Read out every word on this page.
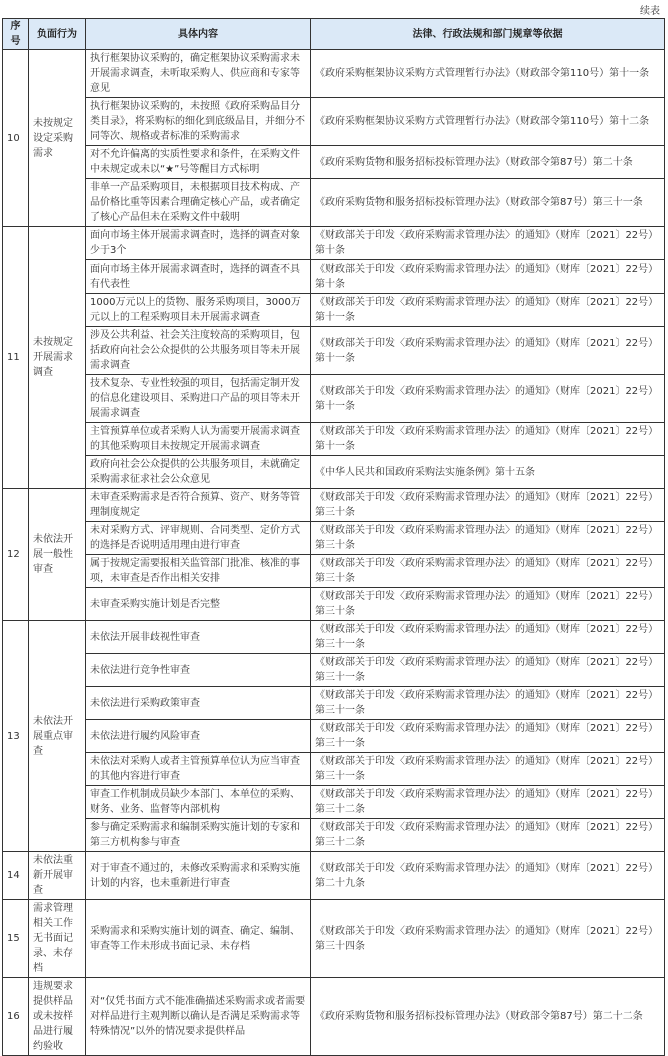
续表
序号	负面行为	具体内容	法律、行政法规和部门规章等依据
10	未按规定设定采购需求	执行框架协议采购的，确定框架协议采购需求未开展需求调查，未听取采购人、供应商和专家等意见	《政府采购框架协议采购方式管理暂行办法》（财政部令第110号）第十一条
		执行框架协议采购的，未按照《政府采购品目分类目录》，将采购标的细化到底级品目，并细分不同等次、规格或者标准的采购需求	《政府采购框架协议采购方式管理暂行办法》（财政部令第110号）第十二条
		对不允许偏离的实质性要求和条件，在采购文件中未规定或未以“★”号等醒目方式标明	《政府采购货物和服务招标投标管理办法》（财政部令第87号）第二十条
		非单一产品采购项目，未根据项目技术构成、产品价格比重等因素合理确定核心产品，或者确定了核心产品但未在采购文件中载明	《政府采购货物和服务招标投标管理办法》（财政部令第87号）第三十一条
11	未按规定开展需求调查	面向市场主体开展需求调查时，选择的调查对象少于3个	《财政部关于印发〈政府采购需求管理办法〉的通知》（财库〔2021〕22号）第十条
		面向市场主体开展需求调查时，选择的调查不具有代表性	《财政部关于印发〈政府采购需求管理办法〉的通知》（财库〔2021〕22号）第十条
		1000万元以上的货物、服务采购项目，3000万元以上的工程采购项目未开展需求调查	《财政部关于印发〈政府采购需求管理办法〉的通知》（财库〔2021〕22号）第十一条
		涉及公共利益、社会关注度较高的采购项目，包括政府向社会公众提供的公共服务项目等未开展需求调查	《财政部关于印发〈政府采购需求管理办法〉的通知》（财库〔2021〕22号）第十一条
		技术复杂、专业性较强的项目，包括需定制开发的信息化建设项目、采购进口产品的项目等未开展需求调查	《财政部关于印发〈政府采购需求管理办法〉的通知》（财库〔2021〕22号）第十一条
		主管预算单位或者采购人认为需要开展需求调查的其他采购项目未按规定开展需求调查	《财政部关于印发〈政府采购需求管理办法〉的通知》（财库〔2021〕22号）第十一条
		政府向社会公众提供的公共服务项目，未就确定采购需求征求社会公众意见	《中华人民共和国政府采购法实施条例》第十五条
12	未依法开展一般性审查	未审查采购需求是否符合预算、资产、财务等管理制度规定	《财政部关于印发〈政府采购需求管理办法〉的通知》（财库〔2021〕22号）第三十条
		未对采购方式、评审规则、合同类型、定价方式的选择是否说明适用理由进行审查	《财政部关于印发〈政府采购需求管理办法〉的通知》（财库〔2021〕22号）第三十条
		属于按规定需要报相关监管部门批准、核准的事项，未审查是否作出相关安排	《财政部关于印发〈政府采购需求管理办法〉的通知》（财库〔2021〕22号）第三十条
		未审查采购实施计划是否完整	《财政部关于印发〈政府采购需求管理办法〉的通知》（财库〔2021〕22号）第三十条
13	未依法开展重点审查	未依法开展非歧视性审查	《财政部关于印发〈政府采购需求管理办法〉的通知》（财库〔2021〕22号）第三十一条
		未依法进行竞争性审查	《财政部关于印发〈政府采购需求管理办法〉的通知》（财库〔2021〕22号）第三十一条
		未依法进行采购政策审查	《财政部关于印发〈政府采购需求管理办法〉的通知》（财库〔2021〕22号）第三十一条
		未依法进行履约风险审查	《财政部关于印发〈政府采购需求管理办法〉的通知》（财库〔2021〕22号）第三十一条
		未依法对采购人或者主管预算单位认为应当审查的其他内容进行审查	《财政部关于印发〈政府采购需求管理办法〉的通知》（财库〔2021〕22号）第三十一条
		审查工作机制成员缺少本部门、本单位的采购、财务、业务、监督等内部机构	《财政部关于印发〈政府采购需求管理办法〉的通知》（财库〔2021〕22号）第三十二条
		参与确定采购需求和编制采购实施计划的专家和第三方机构参与审查	《财政部关于印发〈政府采购需求管理办法〉的通知》（财库〔2021〕22号）第三十二条
14	未依法重新开展审查	对于审查不通过的，未修改采购需求和采购实施计划的内容，也未重新进行审查	《财政部关于印发〈政府采购需求管理办法〉的通知》（财库〔2021〕22号）第二十九条
15	需求管理相关工作无书面记录、未存档	采购需求和采购实施计划的调查、确定、编制、审查等工作未形成书面记录、未存档	《财政部关于印发〈政府采购需求管理办法〉的通知》（财库〔2021〕22号）第三十四条
16	违规要求提供样品或未按样品进行履约验收	对“仅凭书面方式不能准确描述采购需求或者需要对样品进行主观判断以确认是否满足采购需求等特殊情况”以外的情况要求提供样品	《政府采购货物和服务招标投标管理办法》（财政部令第87号）第二十二条
